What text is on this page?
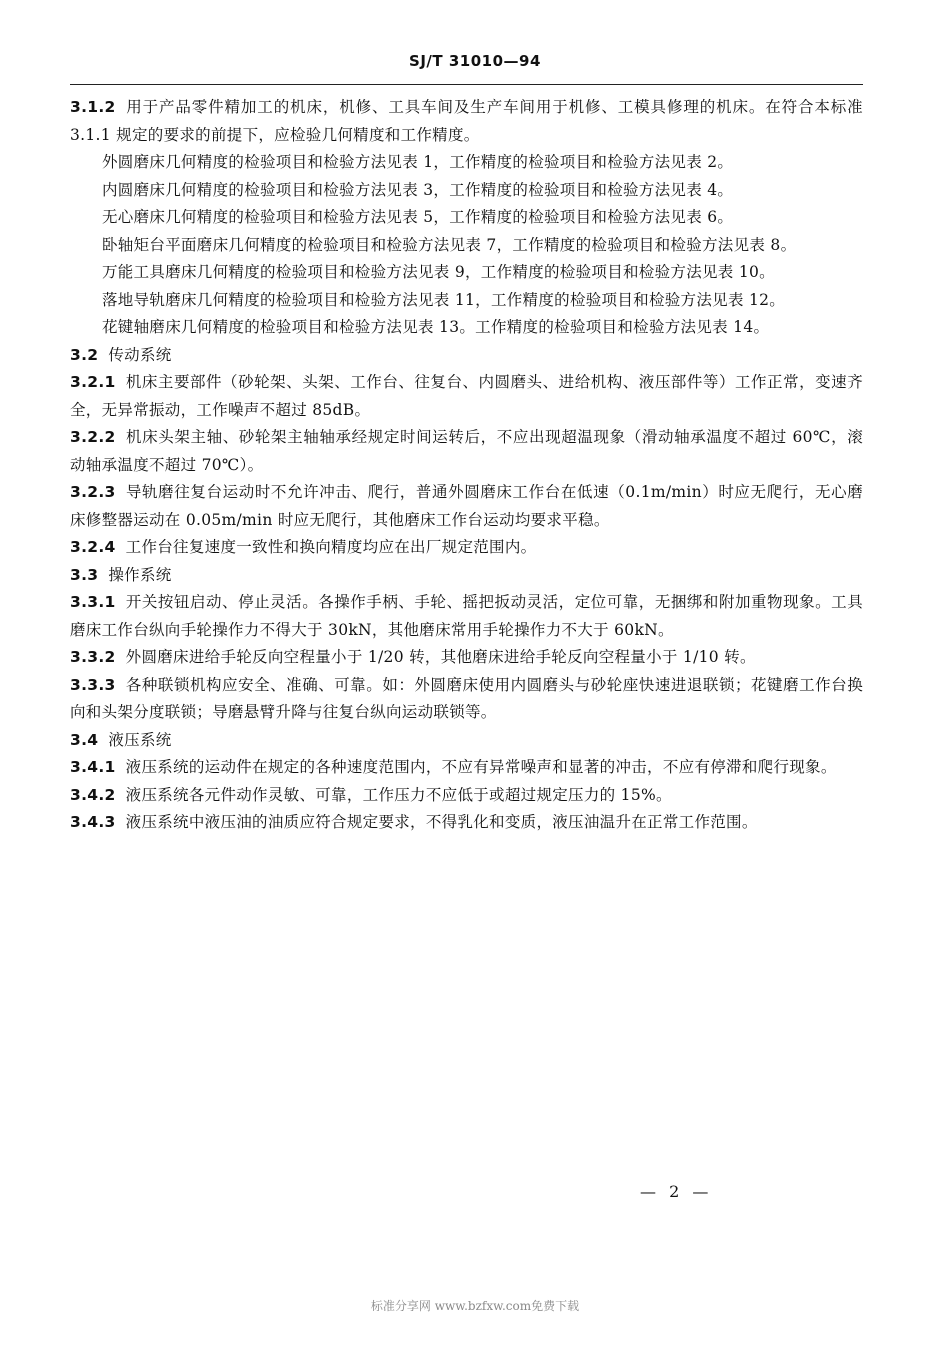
SJ/T 31010—94

3.1.2 用于产品零件精加工的机床，机修、工具车间及生产车间用于机修、工模具修理的机床。在符合本标准 3.1.1 规定的要求的前提下，应检验几何精度和工作精度。

外圆磨床几何精度的检验项目和检验方法见表 1，工作精度的检验项目和检验方法见表 2。

内圆磨床几何精度的检验项目和检验方法见表 3，工作精度的检验项目和检验方法见表 4。

无心磨床几何精度的检验项目和检验方法见表 5，工作精度的检验项目和检验方法见表 6。

卧轴矩台平面磨床几何精度的检验项目和检验方法见表 7，工作精度的检验项目和检验方法见表 8。

万能工具磨床几何精度的检验项目和检验方法见表 9，工作精度的检验项目和检验方法见表 10。

落地导轨磨床几何精度的检验项目和检验方法见表 11，工作精度的检验项目和检验方法见表 12。

花键轴磨床几何精度的检验项目和检验方法见表 13。工作精度的检验项目和检验方法见表 14。

3.2 传动系统

3.2.1 机床主要部件（砂轮架、头架、工作台、往复台、内圆磨头、进给机构、液压部件等）工作正常，变速齐全，无异常振动，工作噪声不超过 85dB。

3.2.2 机床头架主轴、砂轮架主轴轴承经规定时间运转后，不应出现超温现象（滑动轴承温度不超过 60℃，滚动轴承温度不超过 70℃）。

3.2.3 导轨磨往复台运动时不允许冲击、爬行，普通外圆磨床工作台在低速（0.1m/min）时应无爬行，无心磨床修整器运动在 0.05m/min 时应无爬行，其他磨床工作台运动均要求平稳。

3.2.4 工作台往复速度一致性和换向精度均应在出厂规定范围内。

3.3 操作系统

3.3.1 开关按钮启动、停止灵活。各操作手柄、手轮、摇把扳动灵活，定位可靠，无捆绑和附加重物现象。工具磨床工作台纵向手轮操作力不得大于 30kN，其他磨床常用手轮操作力不大于 60kN。

3.3.2 外圆磨床进给手轮反向空程量小于 1/20 转，其他磨床进给手轮反向空程量小于 1/10 转。

3.3.3 各种联锁机构应安全、准确、可靠。如：外圆磨床使用内圆磨头与砂轮座快速进退联锁；花键磨工作台换向和头架分度联锁；导磨悬臂升降与往复台纵向运动联锁等。

3.4 液压系统

3.4.1 液压系统的运动件在规定的各种速度范围内，不应有异常噪声和显著的冲击，不应有停滞和爬行现象。

3.4.2 液压系统各元件动作灵敏、可靠，工作压力不应低于或超过规定压力的 15%。

3.4.3 液压系统中液压油的油质应符合规定要求，不得乳化和变质，液压油温升在正常工作范围。

— 2 —
标准分享网 www.bzfxw.com免费下载
